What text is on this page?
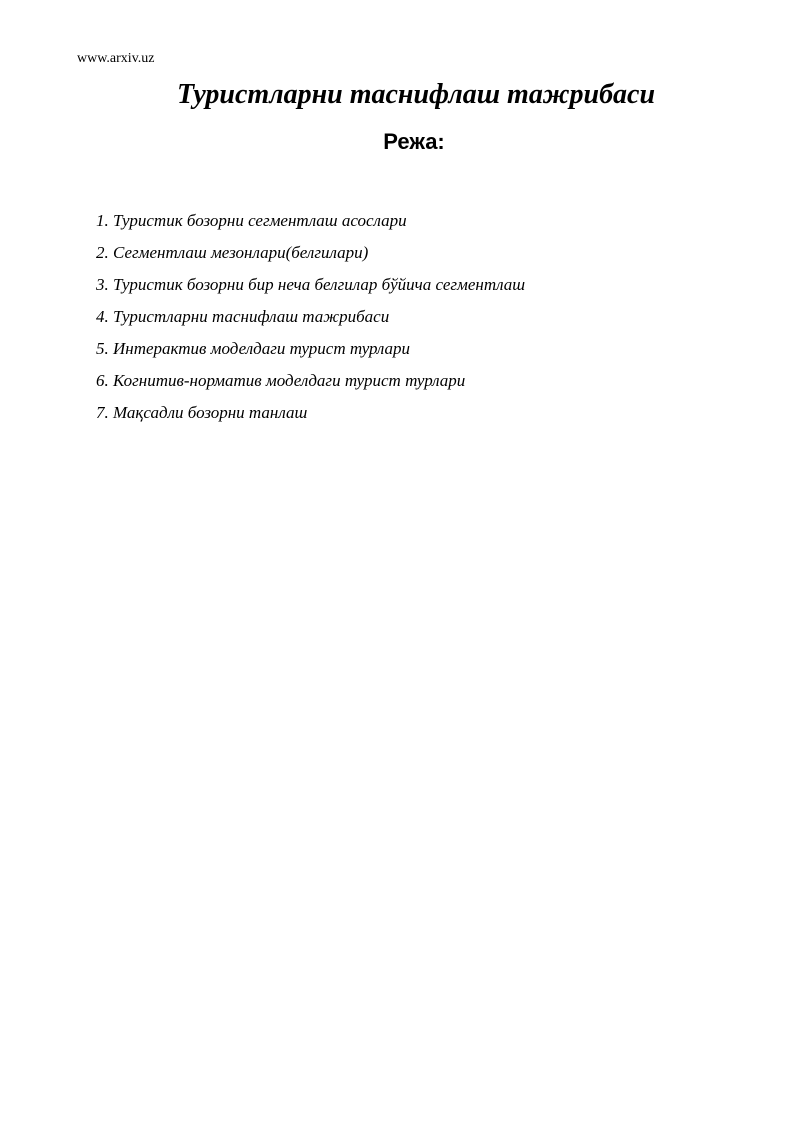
www.arxiv.uz
Туристларни таснифлаш тажрибаси
Режа:
1. Туристик бозорни сегментлаш асослари
2. Сегментлаш мезонлари(белгилари)
3. Туристик бозорни бир неча белгилар бўйича сегментлаш
4. Туристларни таснифлаш тажрибаси
5. Интерактив моделдаги турист турлари
6. Когнитив-норматив моделдаги турист турлари
7. Мақсадли бозорни танлаш
